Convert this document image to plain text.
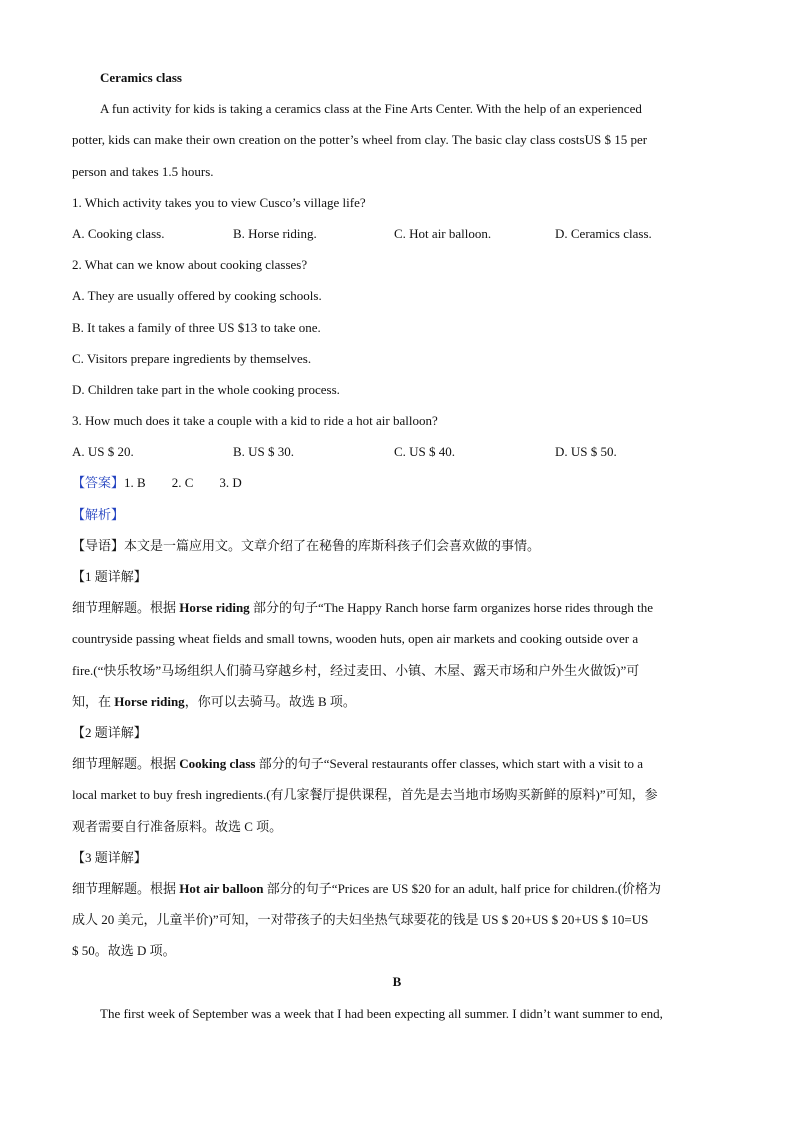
Ceramics class
A fun activity for kids is taking a ceramics class at the Fine Arts Center. With the help of an experienced
potter, kids can make their own creation on the potter’s wheel from clay. The basic clay class costsUS $ 15 per
person and takes 1.5 hours.
1. Which activity takes you to view Cusco’s village life?
A. Cooking class.	B. Horse riding.	C. Hot air balloon.	D. Ceramics class.
2. What can we know about cooking classes?
A. They are usually offered by cooking schools.
B. It takes a family of three US $13 to take one.
C. Visitors prepare ingredients by themselves.
D. Children take part in the whole cooking process.
3. How much does it take a couple with a kid to ride a hot air balloon?
A. US $ 20.	B. US $ 30.	C. US $ 40.	D. US $ 50.
【答案】1. B 2. C 3. D
【解析】
【导语】本文是一篇应用文。文章介绍了在秘鲁的库斯科孩子们会喜欢做的事情。
【1 题详解】
细节理解题。根据 Horse riding 部分的句子“The Happy Ranch horse farm organizes horse rides through the
countryside passing wheat fields and small towns, wooden huts, open air markets and cooking outside over a
fire.(“快乐牧场”马场组织人们骑马穿越乡村，经过麦田、小镇、木屋、露天市场和户外生火做饭)”可
知，在 Horse riding，你可以去骑马。故选 B 项。
【2 题详解】
细节理解题。根据 Cooking class 部分的句子“Several restaurants offer classes, which start with a visit to a
local market to buy fresh ingredients.(有几家餐厅提供课程，首先是去当地市场购买新鲜的原料)”可知，参
观者需要自行准备原料。故选 C 项。
【3 题详解】
细节理解题。根据 Hot air balloon 部分的句子“Prices are US $20 for an adult, half price for children.(价格为
成人 20 美元，儿童半价)”可知，一对带孩子的夫妇坐热气球要花的钱是 US $ 20+US $ 20+US $ 10=US
$ 50。故选 D 项。
B
The first week of September was a week that I had been expecting all summer. I didn’t want summer to end,
